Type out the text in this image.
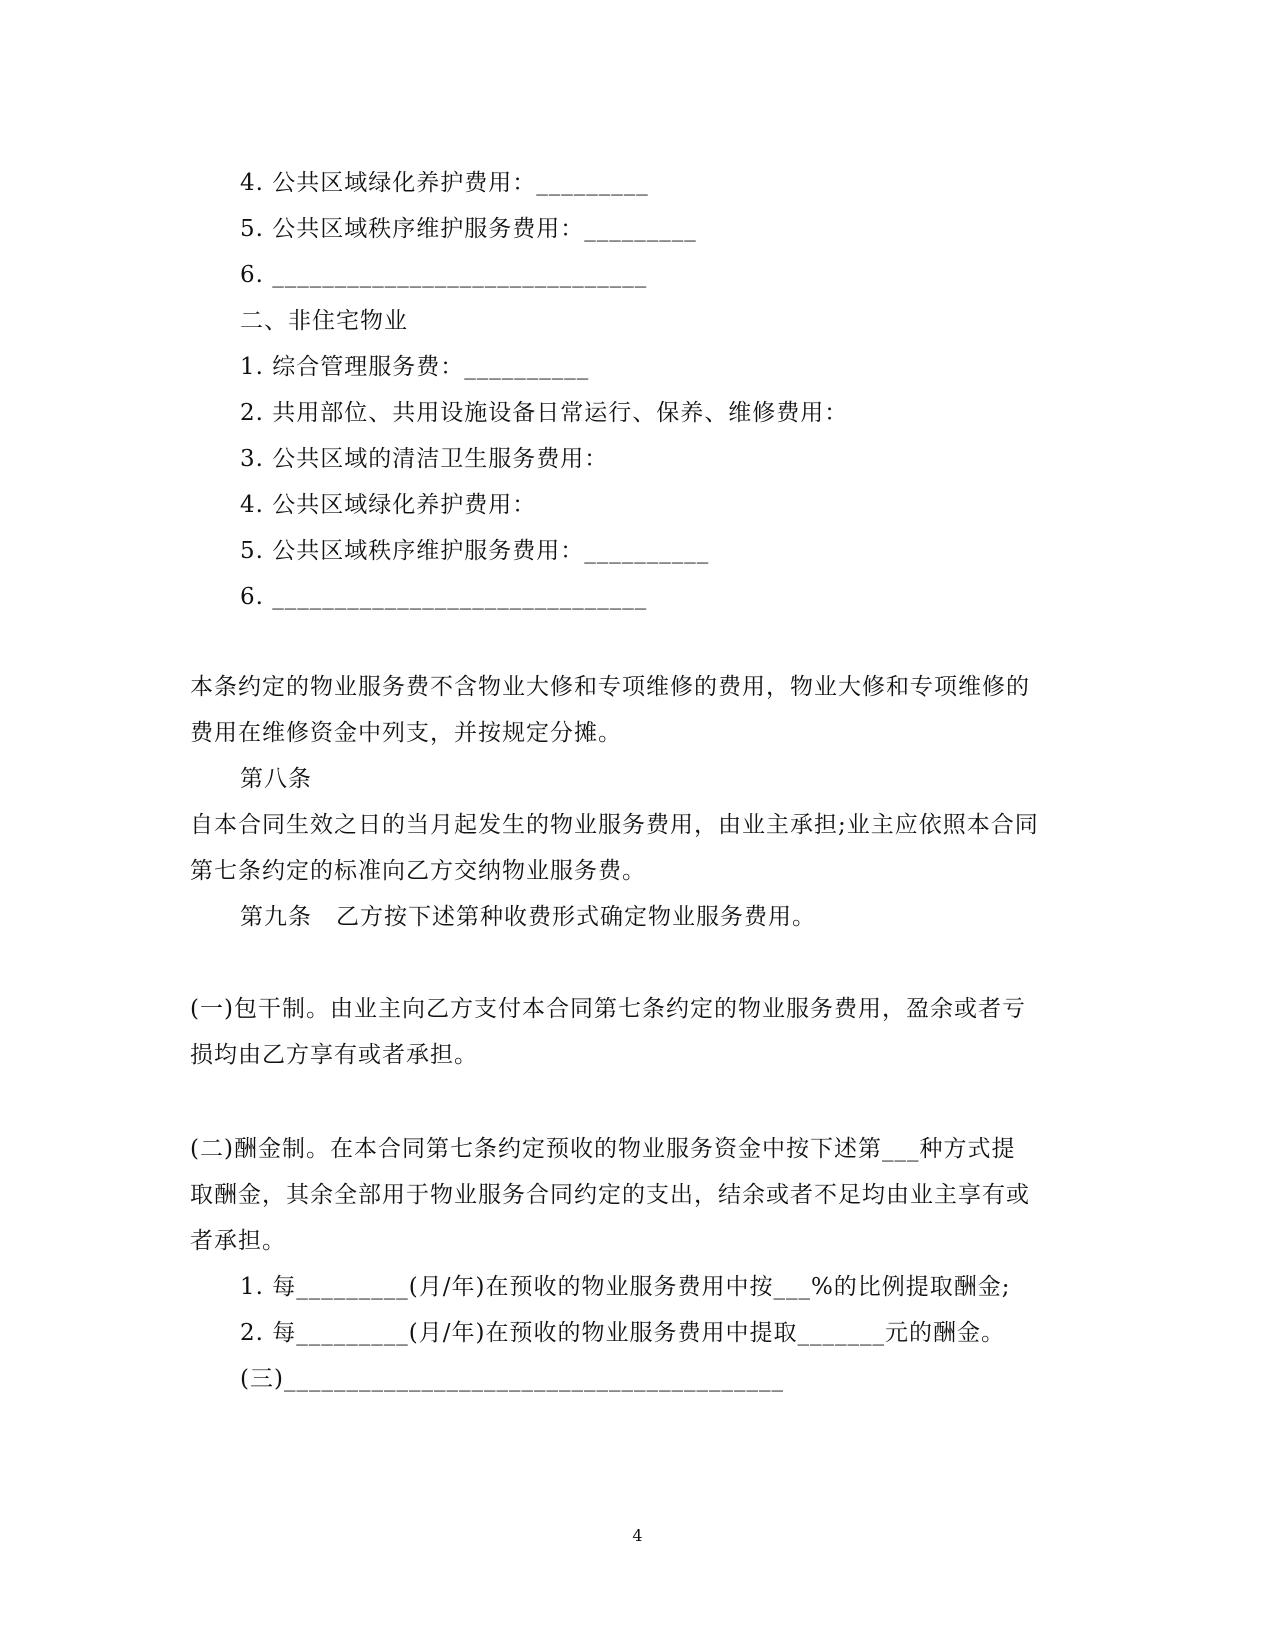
4. 公共区域绿化养护费用：_________
5. 公共区域秩序维护服务费用：_________
6. ______________________________
二、非住宅物业
1. 综合管理服务费：__________
2. 共用部位、共用设施设备日常运行、保养、维修费用：
3. 公共区域的清洁卫生服务费用：
4. 公共区域绿化养护费用：
5. 公共区域秩序维护服务费用：__________
6. ______________________________
本条约定的物业服务费不含物业大修和专项维修的费用，物业大修和专项维修的
费用在维修资金中列支，并按规定分摊。
第八条
自本合同生效之日的当月起发生的物业服务费用，由业主承担;业主应依照本合同
第七条约定的标准向乙方交纳物业服务费。
第九条　乙方按下述第种收费形式确定物业服务费用。
(一)包干制。由业主向乙方支付本合同第七条约定的物业服务费用，盈余或者亏
损均由乙方享有或者承担。
(二)酬金制。在本合同第七条约定预收的物业服务资金中按下述第___种方式提
取酬金，其余全部用于物业服务合同约定的支出，结余或者不足均由业主享有或
者承担。
1. 每_________(月/年)在预收的物业服务费用中按___%的比例提取酬金;
2. 每_________(月/年)在预收的物业服务费用中提取_______元的酬金。
(三)________________________________________
4
